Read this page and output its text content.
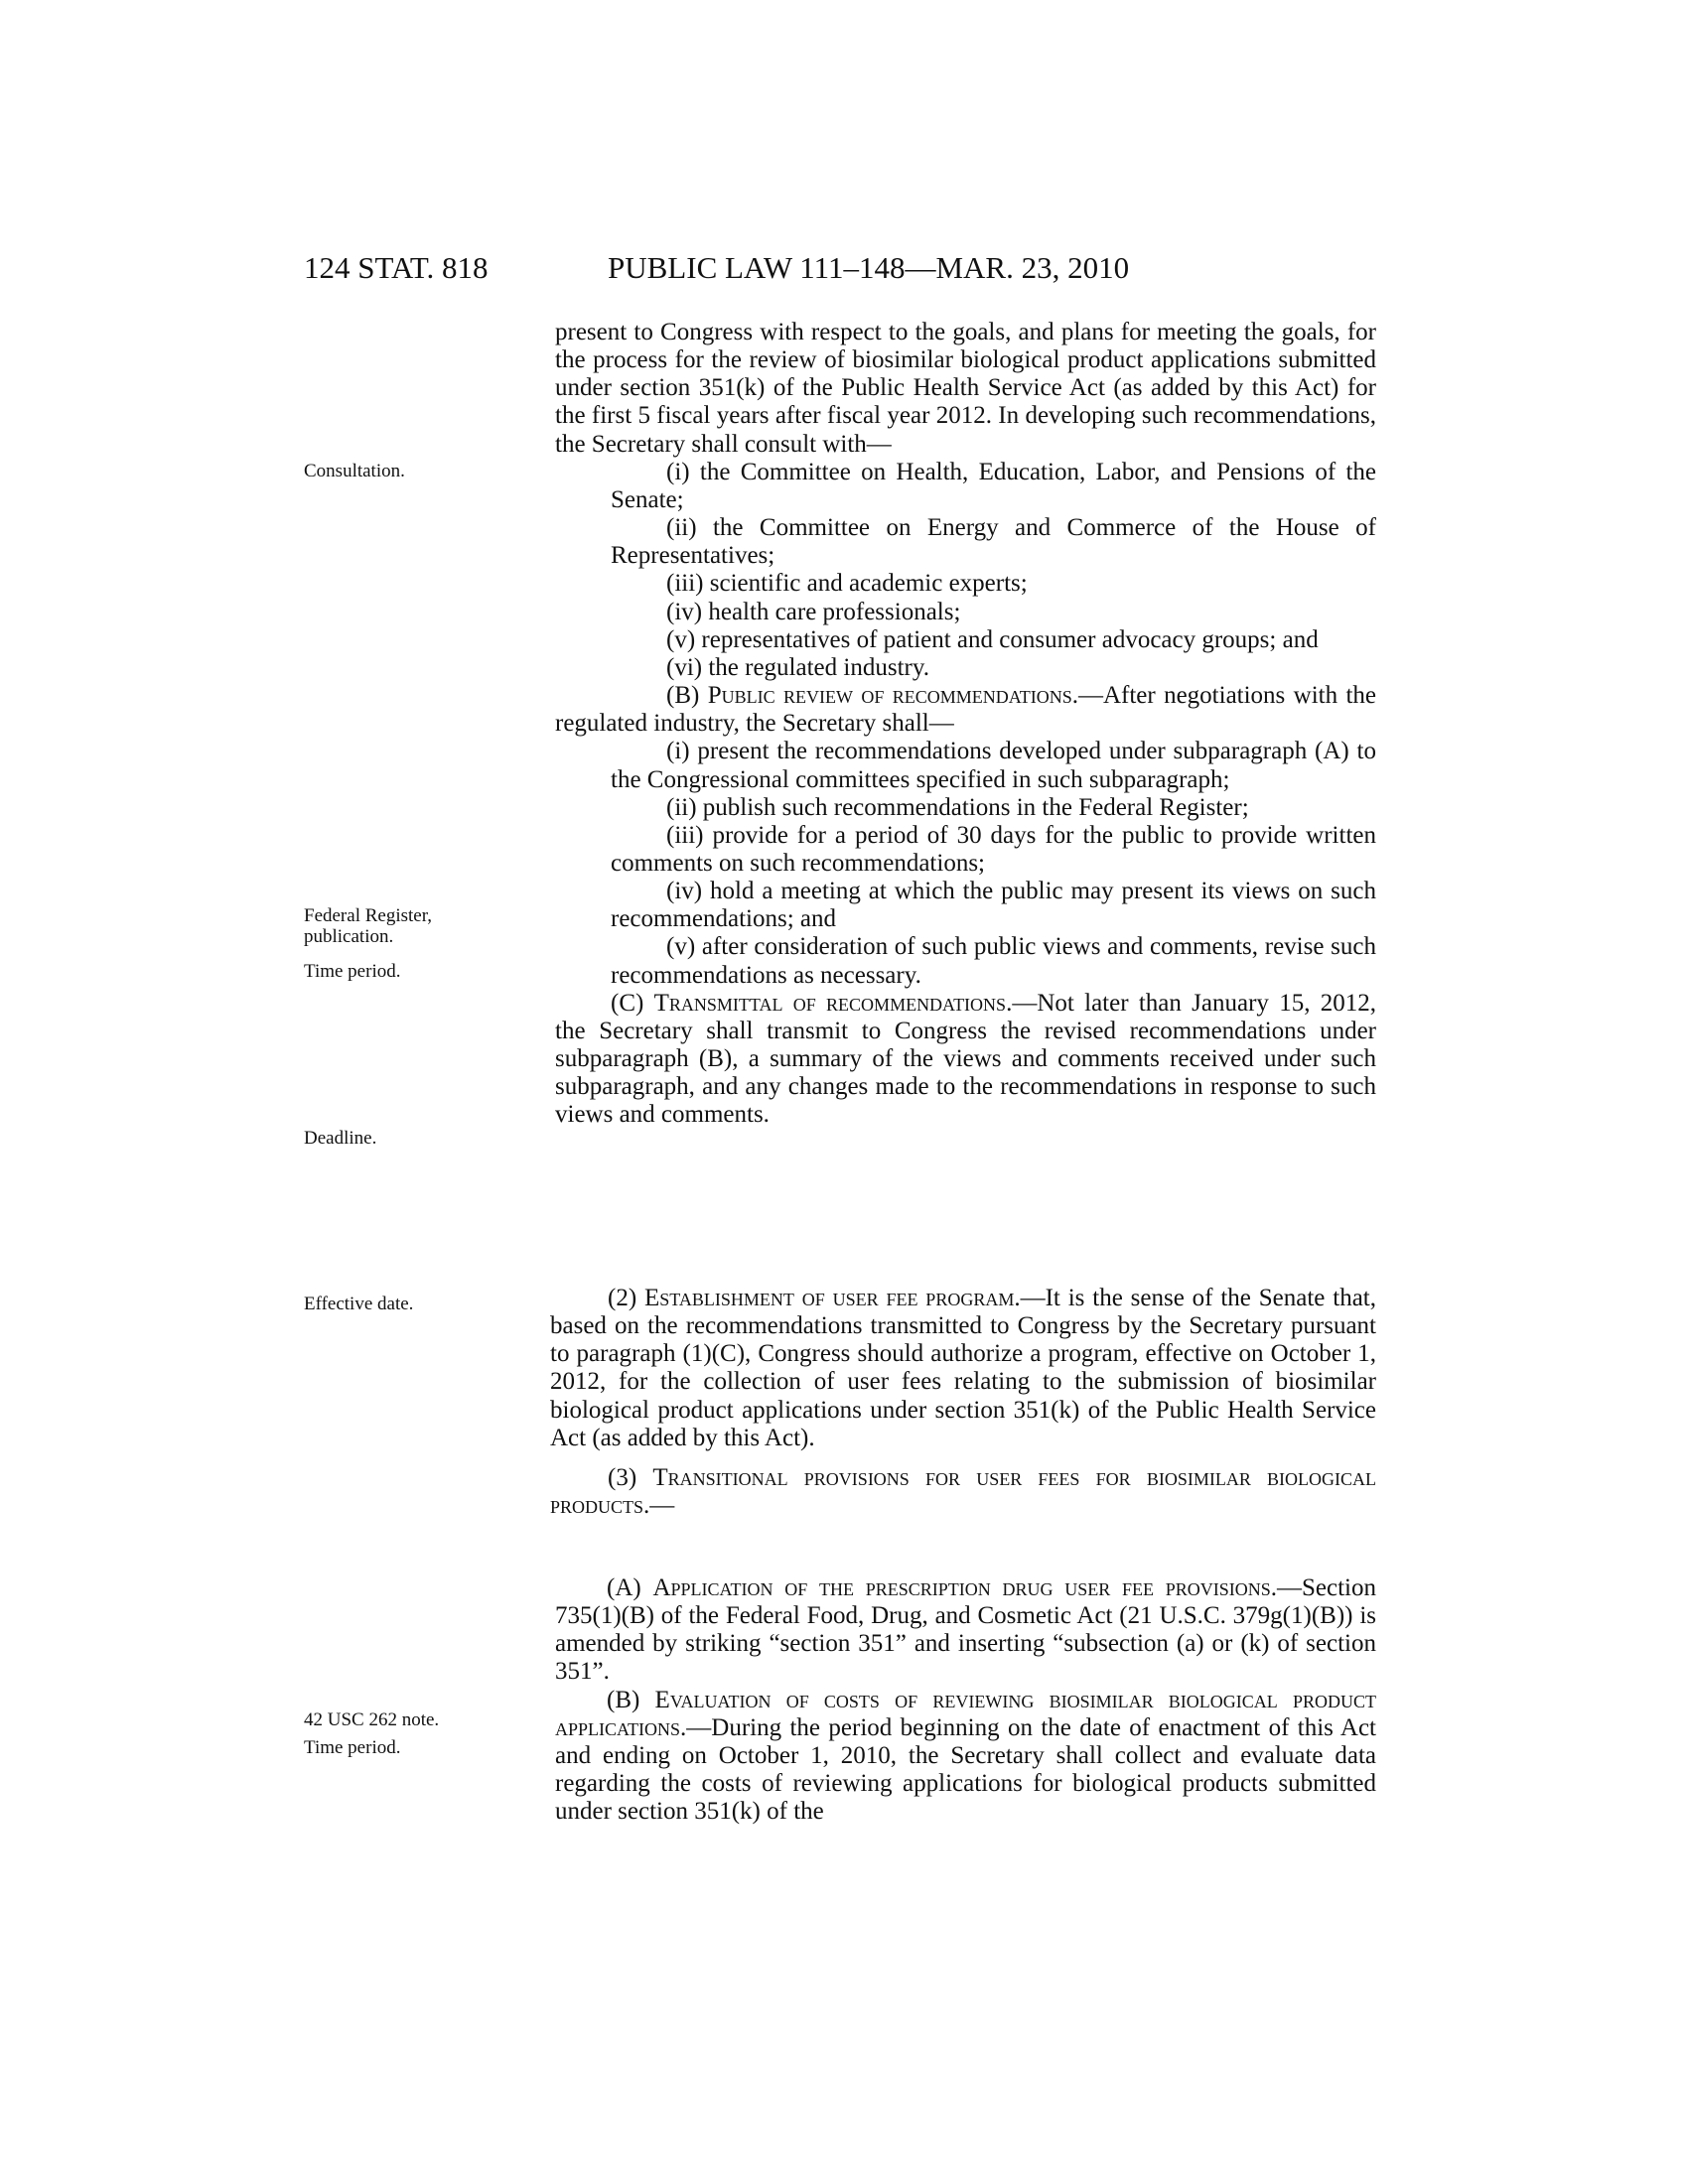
124 STAT. 818	PUBLIC LAW 111–148—MAR. 23, 2010
Consultation.
Federal Register,
publication.
Time period.
Deadline.
Effective date.
42 USC 262 note.
Time period.

present to Congress with respect to the goals, and plans for meeting the goals, for the process for the review of biosimilar biological product applications submitted under section 351(k) of the Public Health Service Act (as added by this Act) for the first 5 fiscal years after fiscal year 2012. In developing such recommendations, the Secretary shall consult with—

(i) the Committee on Health, Education, Labor, and Pensions of the Senate;

(ii) the Committee on Energy and Commerce of the House of Representatives;

(iii) scientific and academic experts;

(iv) health care professionals;

(v) representatives of patient and consumer advocacy groups; and

(vi) the regulated industry.

(B) Public review of recommendations.—After negotiations with the regulated industry, the Secretary shall—

(i) present the recommendations developed under subparagraph (A) to the Congressional committees specified in such subparagraph;

(ii) publish such recommendations in the Federal Register;

(iii) provide for a period of 30 days for the public to provide written comments on such recommendations;

(iv) hold a meeting at which the public may present its views on such recommendations; and

(v) after consideration of such public views and comments, revise such recommendations as necessary.

(C) Transmittal of recommendations.—Not later than January 15, 2012, the Secretary shall transmit to Congress the revised recommendations under subparagraph (B), a summary of the views and comments received under such subparagraph, and any changes made to the recommendations in response to such views and comments.

(2) Establishment of user fee program.—It is the sense of the Senate that, based on the recommendations transmitted to Congress by the Secretary pursuant to paragraph (1)(C), Congress should authorize a program, effective on October 1, 2012, for the collection of user fees relating to the submission of biosimilar biological product applications under section 351(k) of the Public Health Service Act (as added by this Act).

(3) Transitional provisions for user fees for biosimilar biological products.—

(A) Application of the prescription drug user fee provisions.—Section 735(1)(B) of the Federal Food, Drug, and Cosmetic Act (21 U.S.C. 379g(1)(B)) is amended by striking “section 351” and inserting “subsection (a) or (k) of section 351”.

(B) Evaluation of costs of reviewing biosimilar biological product applications.—During the period beginning on the date of enactment of this Act and ending on October 1, 2010, the Secretary shall collect and evaluate data regarding the costs of reviewing applications for biological products submitted under section 351(k) of the
